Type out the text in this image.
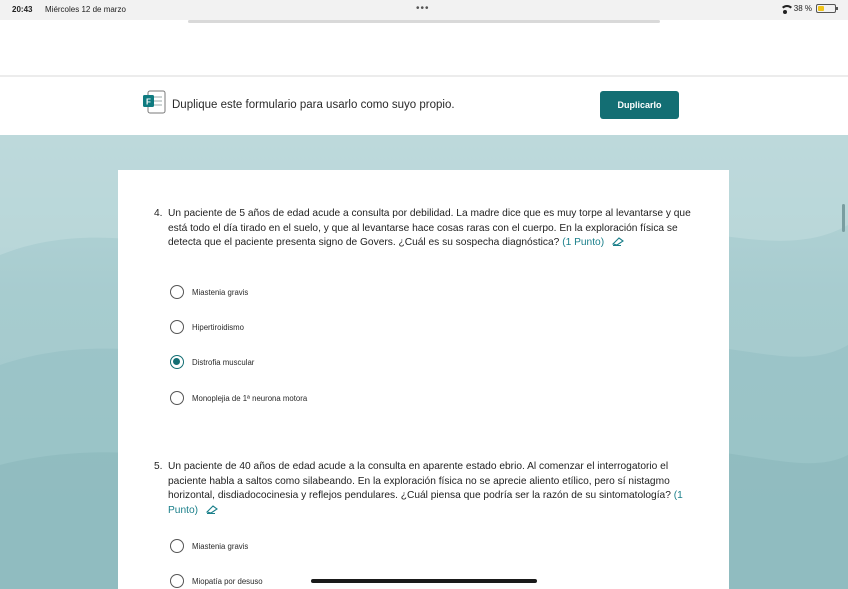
20:43 Miércoles 12 de marzo	•••	38 %
F Duplique este formulario para usarlo como suyo propio.	Duplicarlo
4. Un paciente de 5 años de edad acude a consulta por debilidad. La madre dice que es muy torpe al levantarse y que está todo el día tirado en el suelo, y que al levantarse hace cosas raras con el cuerpo. En la exploración física se detecta que el paciente presenta signo de Govers. ¿Cuál es su sospecha diagnóstica? (1 Punto)
Miastenia gravis
Hipertiroidismo
Distrofia muscular
Monoplejia de 1ª neurona motora
5. Un paciente de 40 años de edad acude a la consulta en aparente estado ebrio. Al comenzar el interrogatorio el paciente habla a saltos como silabeando. En la exploración física no se aprecie aliento etílico, pero sí nistagmo horizontal, disdiadococinesia y reflejos pendulares. ¿Cuál piensa que podría ser la razón de su sintomatología? (1 Punto)
Miastenia gravis
Miopatía por desuso
